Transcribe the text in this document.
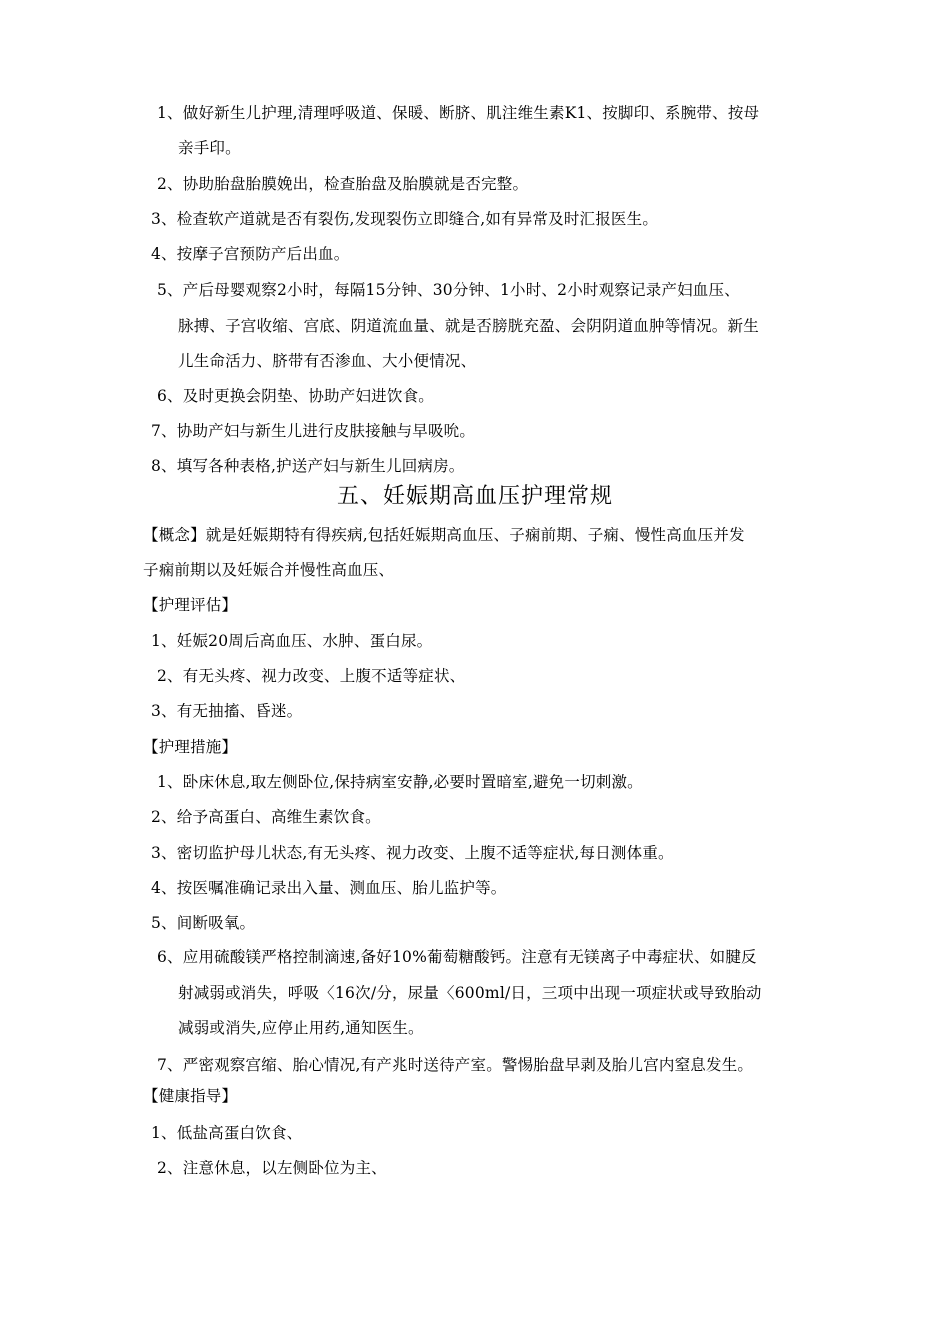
1、做好新生儿护理,清理呼吸道、保暖、断脐、肌注维生素K1、按脚印、系腕带、按母
亲手印。
2、协助胎盘胎膜娩出，检查胎盘及胎膜就是否完整。
3、检查软产道就是否有裂伤,发现裂伤立即缝合,如有异常及时汇报医生。
4、按摩子宫预防产后出血。
5、产后母婴观察2小时，每隔15分钟、30分钟、1小时、2小时观察记录产妇血压、
脉搏、子宫收缩、宫底、阴道流血量、就是否膀胱充盈、会阴阴道血肿等情况。新生
儿生命活力、脐带有否渗血、大小便情况、
6、及时更换会阴垫、协助产妇进饮食。
7、协助产妇与新生儿进行皮肤接触与早吸吮。
8、填写各种表格,护送产妇与新生儿回病房。
五、妊娠期高血压护理常规
【概念】就是妊娠期特有得疾病,包括妊娠期高血压、子痫前期、子痫、慢性高血压并发
子痫前期以及妊娠合并慢性高血压、
【护理评估】
1、妊娠20周后高血压、水肿、蛋白尿。
2、有无头疼、视力改变、上腹不适等症状、
3、有无抽搐、昏迷。
【护理措施】
1、卧床休息,取左侧卧位,保持病室安静,必要时置暗室,避免一切刺激。
2、给予高蛋白、高维生素饮食。
3、密切监护母儿状态,有无头疼、视力改变、上腹不适等症状,每日测体重。
4、按医嘱准确记录出入量、测血压、胎儿监护等。
5、间断吸氧。
6、应用硫酸镁严格控制滴速,备好10%葡萄糖酸钙。注意有无镁离子中毒症状、如腱反
射减弱或消失，呼吸〈16次/分，尿量〈600ml/日，三项中出现一项症状或导致胎动
减弱或消失,应停止用药,通知医生。
7、严密观察宫缩、胎心情况,有产兆时送待产室。警惕胎盘早剥及胎儿宫内窒息发生。
【健康指导】
1、低盐高蛋白饮食、
2、注意休息，以左侧卧位为主、
